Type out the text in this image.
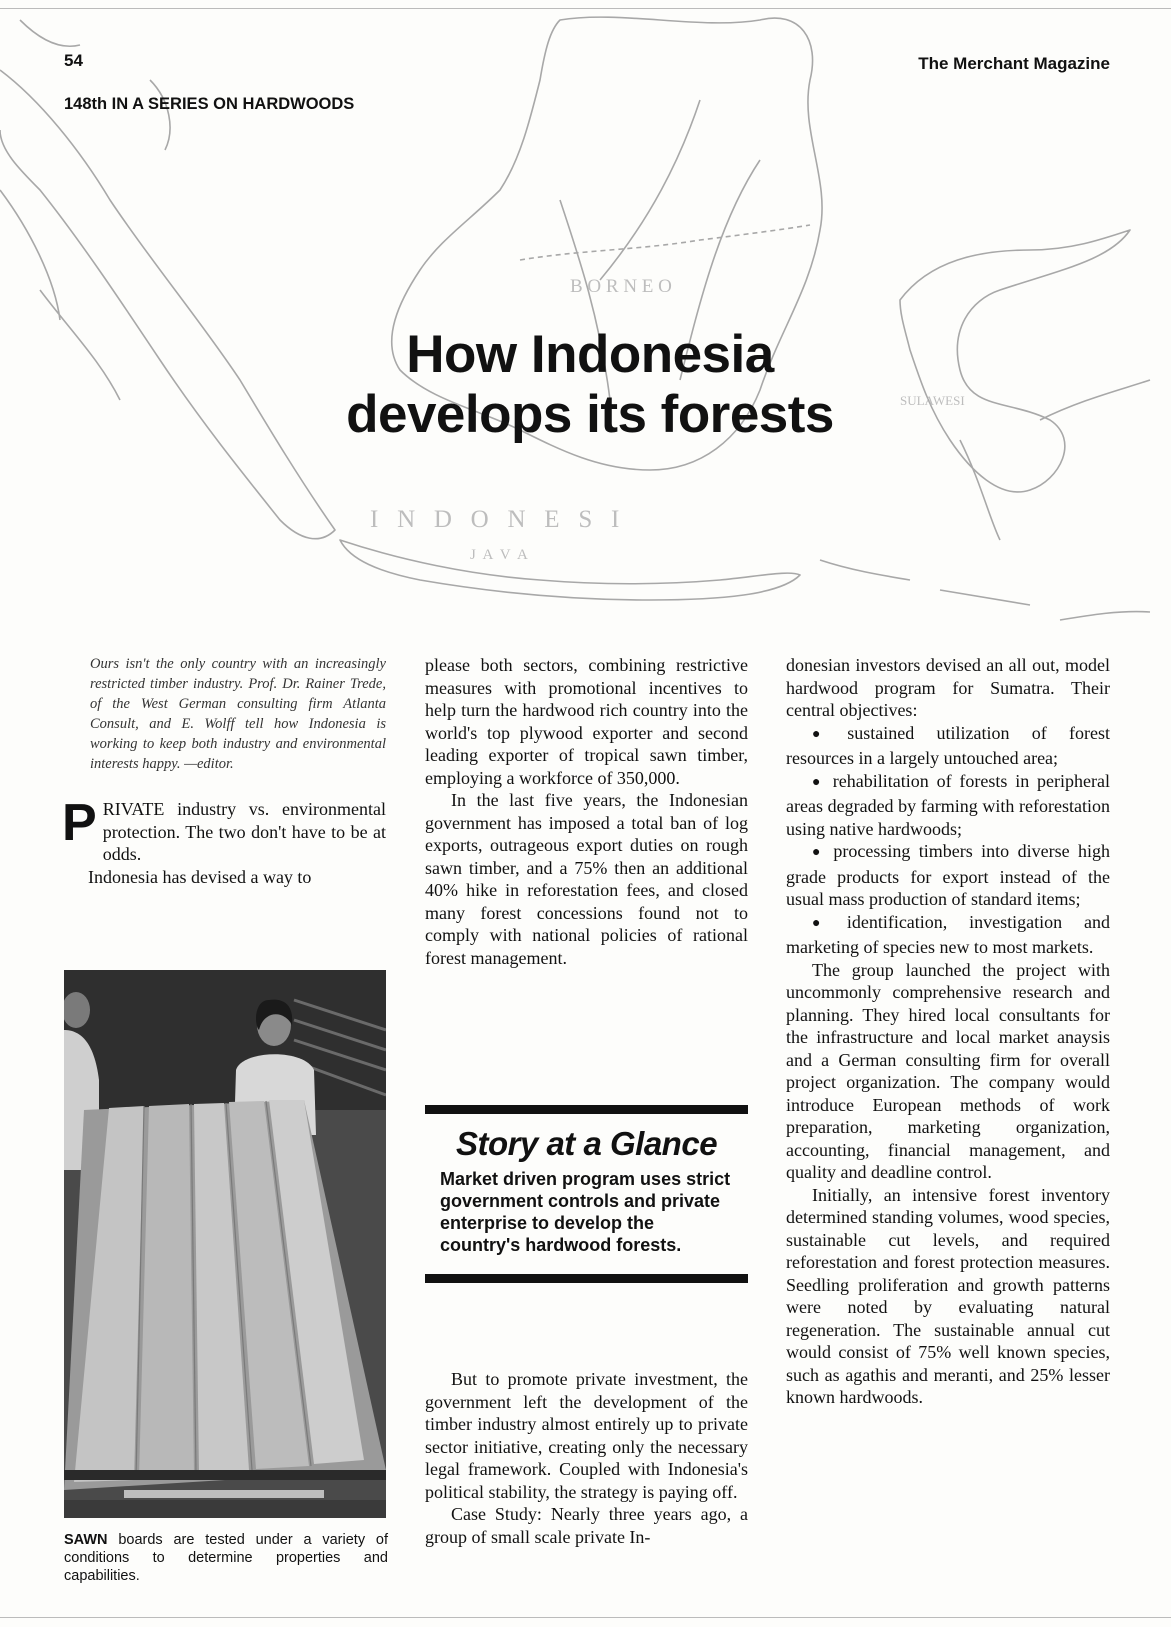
B O R N E O
SULAWESI
I   N   D   O   N   E   S   I
J  A  V  A
54	The Merchant Magazine
148th IN A SERIES ON HARDWOODS
How Indonesia
develops its forests

Ours isn't the only country with an increasingly restricted timber industry. Prof. Dr. Rainer Trede, of the West German consulting firm Atlanta Consult, and E. Wolff tell how Indonesia is working to keep both industry and environmental interests happy. —editor.

PRIVATE industry vs. environmental protection. The two don't have to be at odds.

Indonesia has devised a way to

SAWN boards are tested under a variety of conditions to determine properties and capabilities.

please both sectors, combining restrictive measures with promotional incentives to help turn the hardwood rich country into the world's top plywood exporter and second leading exporter of tropical sawn timber, employing a workforce of 350,000.

In the last five years, the Indonesian government has imposed a total ban of log exports, outrageous export duties on rough sawn timber, and a 75% then an additional 40% hike in reforestation fees, and closed many forest concessions found not to comply with national policies of rational forest management.

Story at a Glance

Market driven program uses strict government controls and private enterprise to develop the country's hardwood forests.

But to promote private investment, the government left the development of the timber industry almost entirely up to private sector initiative, creating only the necessary legal framework. Coupled with Indonesia's political stability, the strategy is paying off.

Case Study: Nearly three years ago, a group of small scale private In-

donesian investors devised an all out, model hardwood program for Sumatra. Their central objectives:

● sustained utilization of forest resources in a largely untouched area;

● rehabilitation of forests in peripheral areas degraded by farming with reforestation using native hardwoods;

● processing timbers into diverse high grade products for export instead of the usual mass production of standard items;

● identification, investigation and marketing of species new to most markets.

The group launched the project with uncommonly comprehensive research and planning. They hired local consultants for the infrastructure and local market anaysis and a German consulting firm for overall project organization. The company would introduce European methods of work preparation, marketing organization, accounting, financial management, and quality and deadline control.

Initially, an intensive forest inventory determined standing volumes, wood species, sustainable cut levels, and required reforestation and forest protection measures. Seedling proliferation and growth patterns were noted by evaluating natural regeneration. The sustainable annual cut would consist of 75% well known species, such as agathis and meranti, and 25% lesser known hardwoods.
